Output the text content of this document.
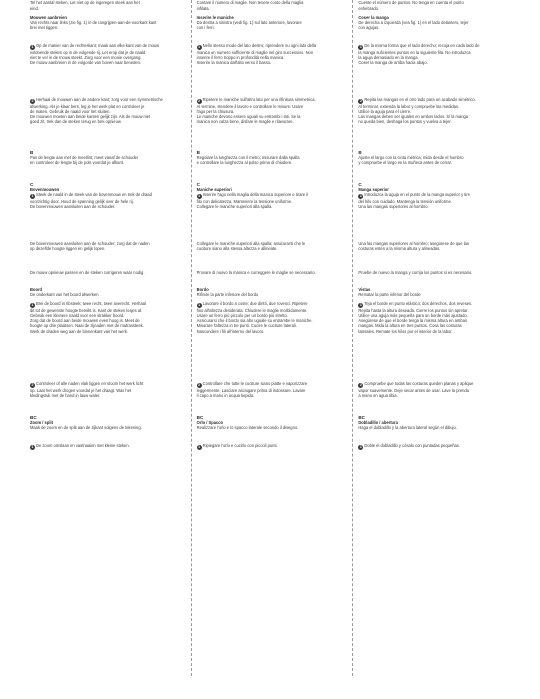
Tel het aantal steken. Let niet op de ingeregen steek aan het
eind.
Mouwen aanbreien
Van rechts naar links (zie fig. 1) in de rangrijpen-aan-de-voorkant kant
brei met tiggen.
1 Op de manier van de rechterkant; maak aan elke kant van de mouw
voldoende steken op in de volgende rij. Let erop dat je de naald
niet te ver in de mouw steekt. Zorg voor een mooie overgang.
De mouw aanbreien in de volgorde van boven naar beneden.
2 Herhaal de mouwen aan de andere kant; zorg voor een symmetrische
afwerking. Als je klaar bent, leg je het werk plat en controleer je
de maten. Gebruik de naald voor het sluiten.
De mouwen moeten aan beide kanten gelijk zijn. Als de mouw niet
goed zit, trek dan de steken terug en brei opnieuw.
B
Pas de lengte aan met de meetlint; meet vanaf de schouder
en controleer de lengte bij de pols voordat je afkant.
C
Bovenmouwen
1 Steek de naald in de steek van de bovenmouw en trek de draad
voorzichtig door. Houd de spanning gelijk over de hele rij.
De bovenmouwen aansluiten aan de schouder.
De bovenmouwen aansluiten aan de schouder; zorg dat de naden
op dezelfde hoogte liggen en gelijk lopen.
De mouw opnieuw passen en de steken corrigeren waar nodig.
Boord
De onderkant van het boord afwerken
1 Brei de boord in ribsteek; twee recht, twee averecht. Herhaal
dit tot de gewenste hoogte bereikt is. Kant de steken losjes af.
Gebruik een kleinere naald voor een strakker boord.
Zorg dat de boord aan beide mouwen even hoog is. Meet de
hoogte op drie plaatsen. Naai de zijnaden met de matrassteek.
Werk de draden weg aan de binnenkant van het werk.
2 Controleer of alle naden vlak liggen en stoom het werk licht
op. Laat het werk drogen voordat je het draagt. Was het
kledingstuk met de hand in lauw water.
BC
Zoom / split
Maak de zoom en de split aan de zijkant volgens de tekening.
1 De zoom omslaan en vastnaaien met kleine steken.
Contare il numero di maglie. Non tenere conto della maglia
infilata.
Inserire le maniche
Da destra a sinistra (vedi fig. 1) sul lato anteriore, lavorare
con i ferri.
1 Nello stesso modo del lato destro; riprendere su ogni lato della
manica un numero sufficiente di maglie nel giro successivo. Non
inserire il ferro troppo in profondità nella manica.
Inserire la manica dall'alto verso il basso.
2 Ripetere le maniche sull'altro lato per una rifinitura simmetrica.
Al termine, stendere il lavoro e controllare le misure. Usare
l'ago per la chiusura.
Le maniche devono essere uguali su entrambi i lati. Se la
manica non calza bene, disfare le maglie e rilavorare.
B
Regolare la lunghezza con il metro; misurare dalla spalla
e controllare la lunghezza al polso prima di chiudere.
C
Maniche superiori
1 Inserire l'ago nella maglia della manica superiore e tirare il
filo con delicatezza. Mantenere la tensione uniforme.
Collegare le maniche superiori alla spalla.
Collegare le maniche superiori alla spalla; assicurarsi che le
cuciture siano alla stessa altezza e allineate.
Provare di nuovo la manica e correggere le maglie se necessario.
Bordo
Rifinire la parte inferiore del bordo
1 Lavorare il bordo a coste; due diritti, due rovesci. Ripetere
fino all'altezza desiderata. Chiudere le maglie morbidamente.
Usare un ferro più piccolo per un bordo più stretto.
Assicurarsi che il bordo sia alto uguale su entrambe le maniche.
Misurare l'altezza in tre punti. Cucire le cuciture laterali.
Nascondere i fili all'interno del lavoro.
2 Controllare che tutte le cuciture siano piatte e vaporizzare
leggermente. Lasciare asciugare prima di indossare. Lavare
il capo a mano in acqua tiepida.
BC
Orlo / Spacco
Realizzare l'orlo e lo spacco laterale secondo il disegno.
1 Ripiegare l'orlo e cucirlo con piccoli punti.
Cuente el número de puntos. No tenga en cuenta el punto
enhebrado.
Coser la manga
De derecha a izquierda (vea fig. 1) en el lado delantero, tejer
con agujas.
1 De la misma forma que el lado derecho; recoja en cada lado de
la manga suficientes puntos en la siguiente fila. No introduzca
la aguja demasiado en la manga.
Coser la manga de arriba hacia abajo.
2 Repita las mangas en el otro lado para un acabado simétrico.
Al terminar, extienda la labor y compruebe las medidas.
Utilice la aguja para el cierre.
Las mangas deben ser iguales en ambos lados. Si la manga
no queda bien, deshaga los puntos y vuelva a tejer.
B
Ajuste el largo con la cinta métrica; mida desde el hombro
y compruebe el largo en la muñeca antes de cerrar.
C
Manga superior
1 Introduzca la aguja en el punto de la manga superior y tire
del hilo con cuidado. Mantenga la tensión uniforme.
Una las mangas superiores al hombro.
Una las mangas superiores al hombro; asegúrese de que las
costuras estén a la misma altura y alineadas.
Pruebe de nuevo la manga y corrija los puntos si es necesario.
Vistas
Rematar la parte inferior del borde
1 Teja el borde en punto elástico; dos derechos, dos reveses.
Repita hasta la altura deseada. Cierre los puntos sin apretar.
Utilice una aguja más pequeña para un borde más ajustado.
Asegúrese de que el borde tenga la misma altura en ambas
mangas. Mida la altura en tres puntos. Cosa las costuras
laterales. Remate los hilos por el interior de la labor.
2 Compruebe que todas las costuras queden planas y aplique
vapor suavemente. Deje secar antes de usar. Lave la prenda
a mano en agua tibia.
BC
Dobladillo / abertura
Haga el dobladillo y la abertura lateral según el dibujo.
1 Doble el dobladillo y cósalo con puntadas pequeñas.
